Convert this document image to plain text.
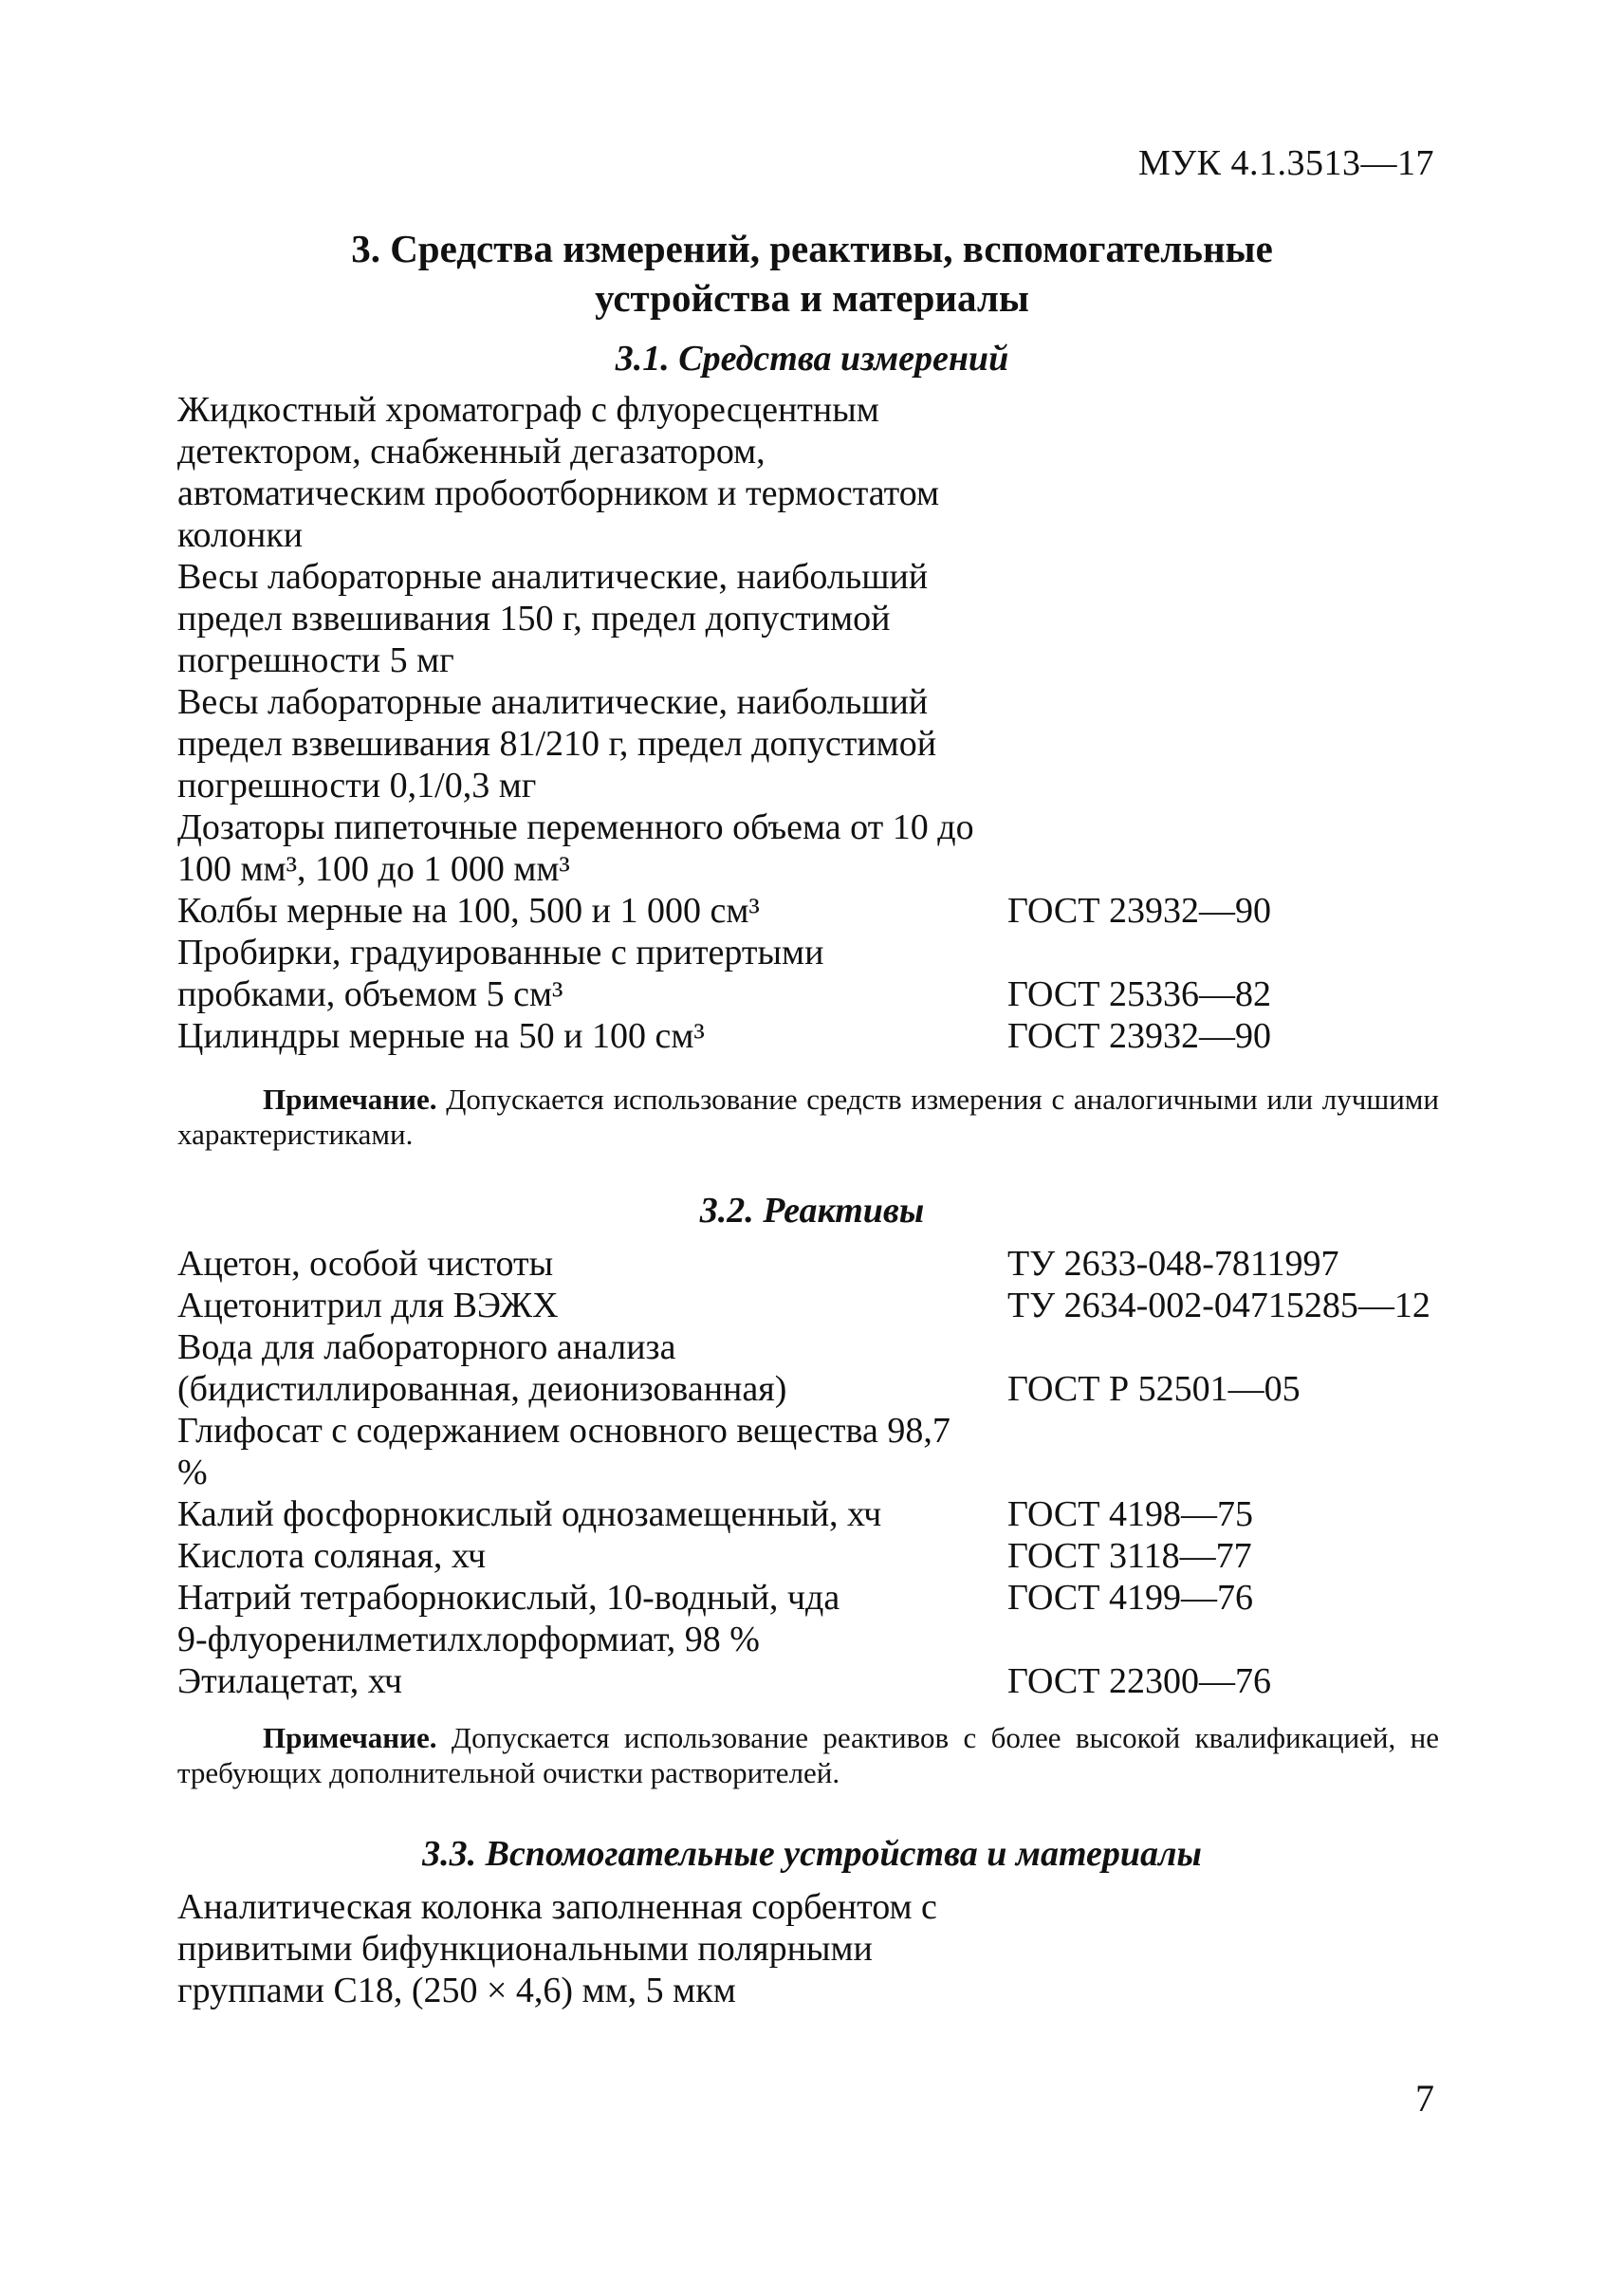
МУК 4.1.3513—17
3. Средства измерений, реактивы, вспомогательные
устройства и материалы
3.1. Средства измерений
Жидкостный хроматограф с флуоресцентным детектором, снабженный дегазатором, автоматическим пробоотборником и термостатом колонки
Весы лабораторные аналитические, наибольший предел взвешивания 150 г, предел допустимой погрешности 5 мг
Весы лабораторные аналитические, наибольший предел взвешивания 81/210 г, предел допустимой погрешности 0,1/0,3 мг
Дозаторы пипеточные переменного объема от 10 до 100 мм³, 100 до 1 000 мм³
Колбы мерные на 100, 500 и 1 000 см³	ГОСТ 23932—90
Пробирки, градуированные с притертыми пробками, объемом 5 см³	ГОСТ 25336—82
Цилиндры мерные на 50 и 100 см³	ГОСТ 23932—90
Примечание. Допускается использование средств измерения с аналогичными или лучшими характеристиками.
3.2. Реактивы
Ацетон, особой чистоты	ТУ 2633-048-7811997
Ацетонитрил для ВЭЖХ	ТУ 2634-002-04715285—12
Вода для лабораторного анализа (бидистиллированная, деионизованная)	ГОСТ Р 52501—05
Глифосат с содержанием основного вещества 98,7 %
Калий фосфорнокислый однозамещенный, хч	ГОСТ 4198—75
Кислота соляная, хч	ГОСТ 3118—77
Натрий тетраборнокислый, 10-водный, чда	ГОСТ 4199—76
9-флуоренилметилхлорформиат, 98 %
Этилацетат, хч	ГОСТ 22300—76
Примечание. Допускается использование реактивов с более высокой квалификацией, не требующих дополнительной очистки растворителей.
3.3. Вспомогательные устройства и материалы
Аналитическая колонка заполненная сорбентом с привитыми бифункциональными полярными группами С18, (250 × 4,6) мм, 5 мкм
7
